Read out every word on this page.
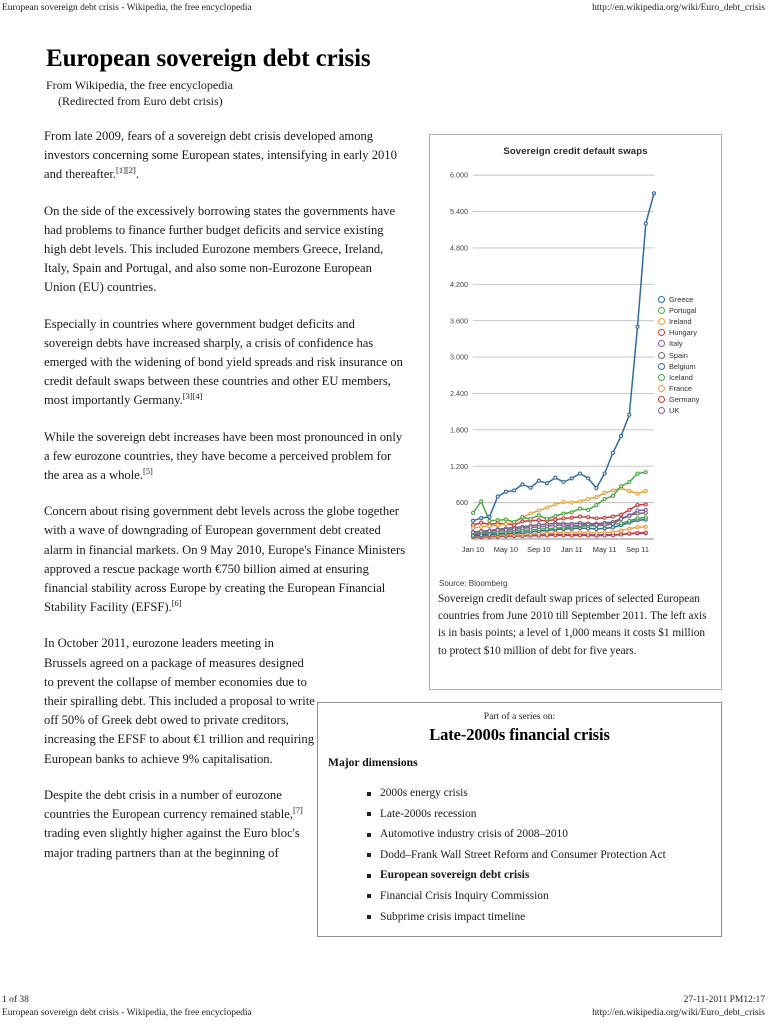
European sovereign debt crisis - Wikipedia, the free encyclopedia	http://en.wikipedia.org/wiki/Euro_debt_crisis
European sovereign debt crisis
From Wikipedia, the free encyclopedia
(Redirected from Euro debt crisis)

From late 2009, fears of a sovereign debt crisis developed among investors concerning some European states, intensifying in early 2010 and thereafter.[1][2].

On the side of the excessively borrowing states the governments have had problems to finance further budget deficits and service existing high debt levels. This included Eurozone members Greece, Ireland, Italy, Spain and Portugal, and also some non-Eurozone European Union (EU) countries.

Especially in countries where government budget deficits and sovereign debts have increased sharply, a crisis of confidence has emerged with the widening of bond yield spreads and risk insurance on credit default swaps between these countries and other EU members, most importantly Germany.[3][4]

While the sovereign debt increases have been most pronounced in only a few eurozone countries, they have become a perceived problem for the area as a whole.[5]

Concern about rising government debt levels across the globe together with a wave of downgrading of European government debt created alarm in financial markets. On 9 May 2010, Europe's Finance Ministers approved a rescue package worth €750 billion aimed at ensuring financial stability across Europe by creating the European Financial Stability Facility (EFSF).[6]

In October 2011, eurozone leaders meeting in Brussels agreed on a package of measures designed to prevent the collapse of member economies due to their spiralling debt. This included a proposal to write off 50% of Greek debt owed to private creditors, increasing the EFSF to about €1 trillion and requiring European banks to achieve 9% capitalisation.

Despite the debt crisis in a number of eurozone countries the European currency remained stable,[7] trading even slightly higher against the Euro bloc's major trading partners than at the beginning of

Sovereign credit default swaps
600
1.200
1.800
2.400
3.000
3.600
4.200
4.800
5.400
6.000
Jan 10 May 10 Sep 10 Jan 11 May 11 Sep 11
Greece
Portugal
Ireland
Hungary
Italy
Spain
Belgium
Iceland
France
Germany
UK
Source: Bloomberg
Sovereign credit default swap prices of selected European countries from June 2010 till September 2011. The left axis is in basis points; a level of 1,000 means it costs $1 million to protect $10 million of debt for five years.
Part of a series on:
Late-2000s financial crisis
Major dimensions
2000s energy crisis
Late-2000s recession
Automotive industry crisis of 2008–2010
Dodd–Frank Wall Street Reform and Consumer Protection Act
European sovereign debt crisis
Financial Crisis Inquiry Commission
Subprime crisis impact timeline
1 of 38	27-11-2011 PM12:17
European sovereign debt crisis - Wikipedia, the free encyclopedia	http://en.wikipedia.org/wiki/Euro_debt_crisis
